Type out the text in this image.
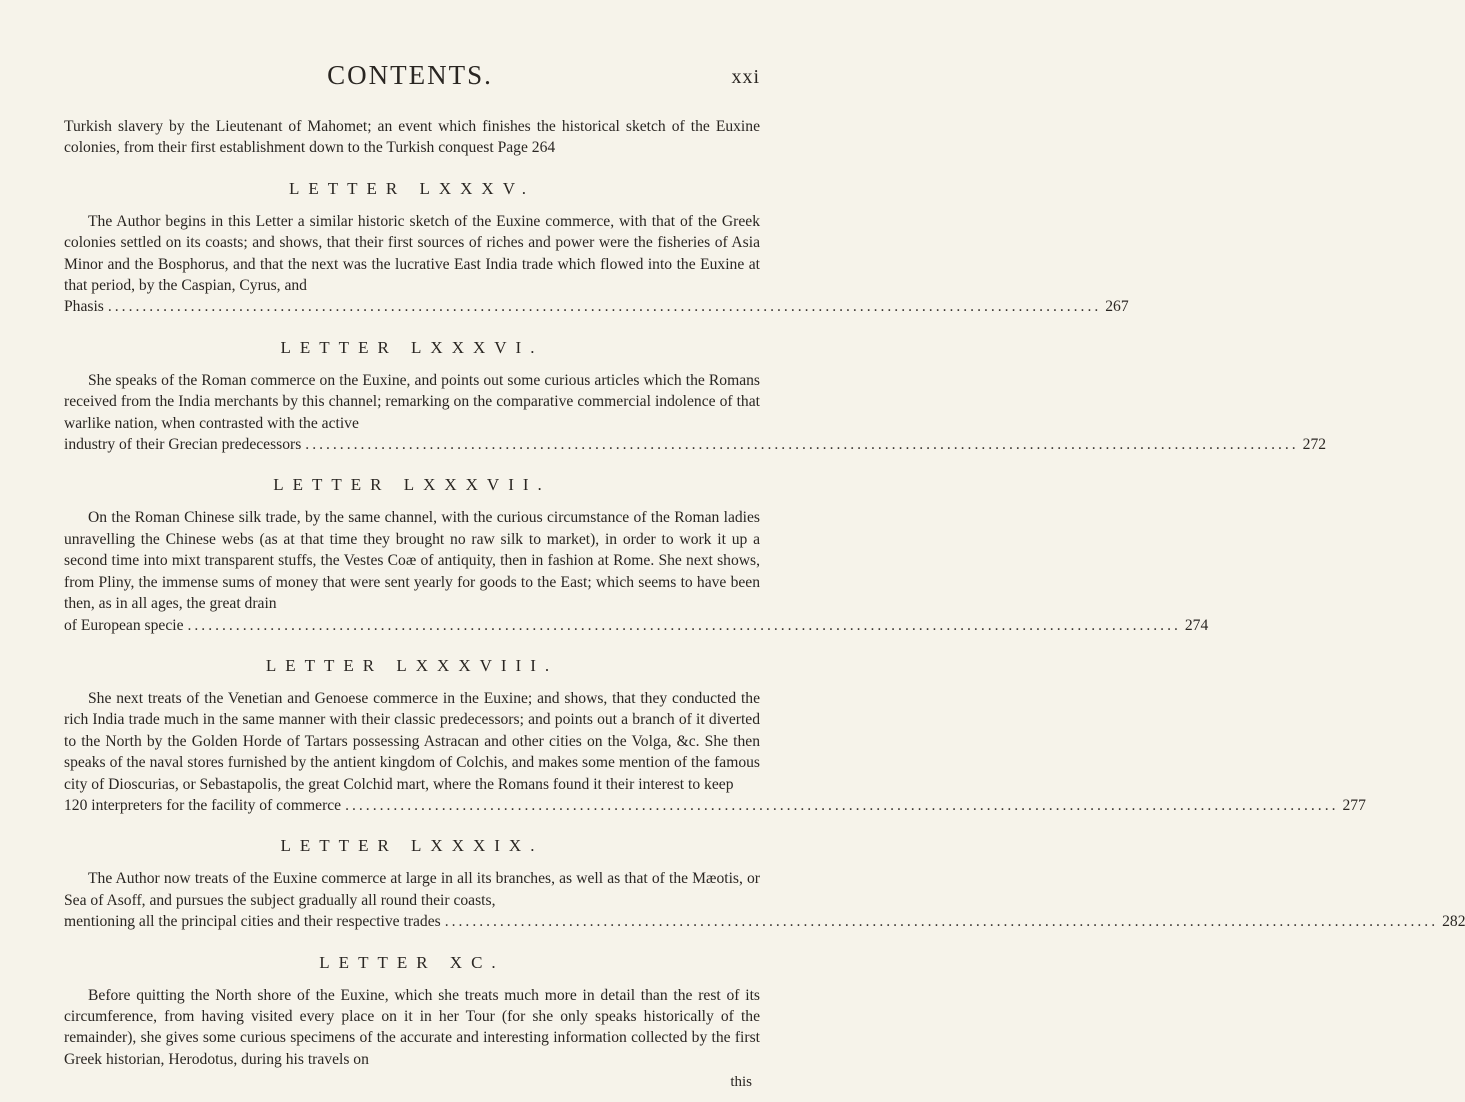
CONTENTS.	xxi

Turkish slavery by the Lieutenant of Mahomet; an event which finishes the historical sketch of the Euxine colonies, from their first establishment down to the Turkish conquest Page 264

LETTER LXXXV.

The Author begins in this Letter a similar historic sketch of the Euxine commerce, with that of the Greek colonies settled on its coasts; and shows, that their first sources of riches and power were the fisheries of Asia Minor and the Bosphorus, and that the next was the lucrative East India trade which flowed into the Euxine at that period, by the Caspian, Cyrus, and

Phasis ................................................................................................................................................ 267

LETTER LXXXVI.

She speaks of the Roman commerce on the Euxine, and points out some curious articles which the Romans received from the India merchants by this channel; remarking on the comparative commercial indolence of that warlike nation, when contrasted with the active

industry of their Grecian predecessors ................................................................................................................................................ 272

LETTER LXXXVII.

On the Roman Chinese silk trade, by the same channel, with the curious circumstance of the Roman ladies unravelling the Chinese webs (as at that time they brought no raw silk to market), in order to work it up a second time into mixt transparent stuffs, the Vestes Coæ of antiquity, then in fashion at Rome. She next shows, from Pliny, the immense sums of money that were sent yearly for goods to the East; which seems to have been then, as in all ages, the great drain

of European specie ................................................................................................................................................ 274

LETTER LXXXVIII.

She next treats of the Venetian and Genoese commerce in the Euxine; and shows, that they conducted the rich India trade much in the same manner with their classic predecessors; and points out a branch of it diverted to the North by the Golden Horde of Tartars possessing Astracan and other cities on the Volga, &c. She then speaks of the naval stores furnished by the antient kingdom of Colchis, and makes some mention of the famous city of Dioscurias, or Sebastapolis, the great Colchid mart, where the Romans found it their interest to keep

120 interpreters for the facility of commerce ................................................................................................................................................ 277

LETTER LXXXIX.

The Author now treats of the Euxine commerce at large in all its branches, as well as that of the Mæotis, or Sea of Asoff, and pursues the subject gradually all round their coasts,

mentioning all the principal cities and their respective trades ................................................................................................................................................ 282

LETTER XC.

Before quitting the North shore of the Euxine, which she treats much more in detail than the rest of its circumference, from having visited every place on it in her Tour (for she only speaks historically of the remainder), she gives some curious specimens of the accurate and interesting information collected by the first Greek historian, Herodotus, during his travels on

this
